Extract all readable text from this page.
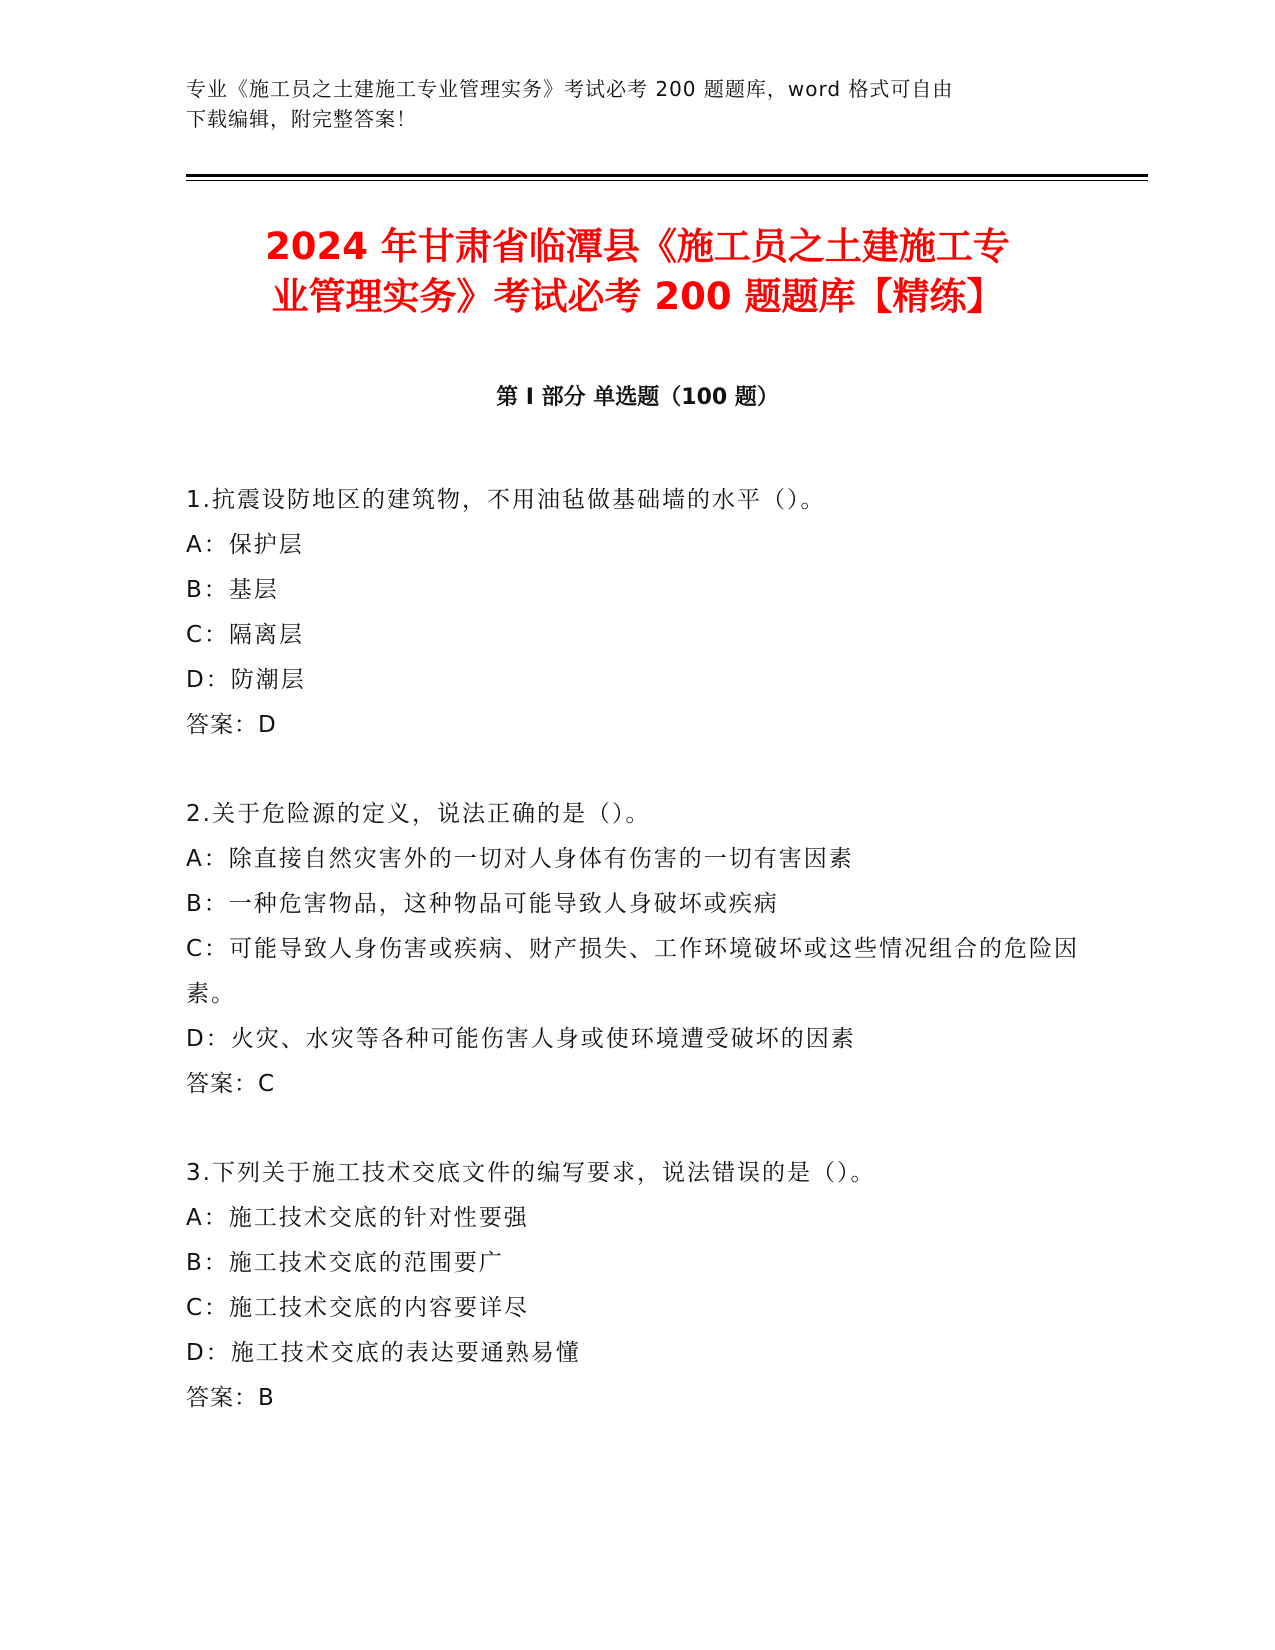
专业《施工员之土建施工专业管理实务》考试必考 200 题题库，word 格式可自由
下载编辑，附完整答案！
2024 年甘肃省临潭县《施工员之土建施工专
业管理实务》考试必考 200 题题库【精练】
第 I 部分 单选题（100 题）
1.抗震设防地区的建筑物，不用油毡做基础墙的水平（）。
A：保护层
B：基层
C：隔离层
D：防潮层
答案：D
2.关于危险源的定义，说法正确的是（）。
A：除直接自然灾害外的一切对人身体有伤害的一切有害因素
B：一种危害物品，这种物品可能导致人身破坏或疾病
C：可能导致人身伤害或疾病、财产损失、工作环境破坏或这些情况组合的危险因素。
D：火灾、水灾等各种可能伤害人身或使环境遭受破坏的因素
答案：C
3.下列关于施工技术交底文件的编写要求，说法错误的是（）。
A：施工技术交底的针对性要强
B：施工技术交底的范围要广
C：施工技术交底的内容要详尽
D：施工技术交底的表达要通熟易懂
答案：B
